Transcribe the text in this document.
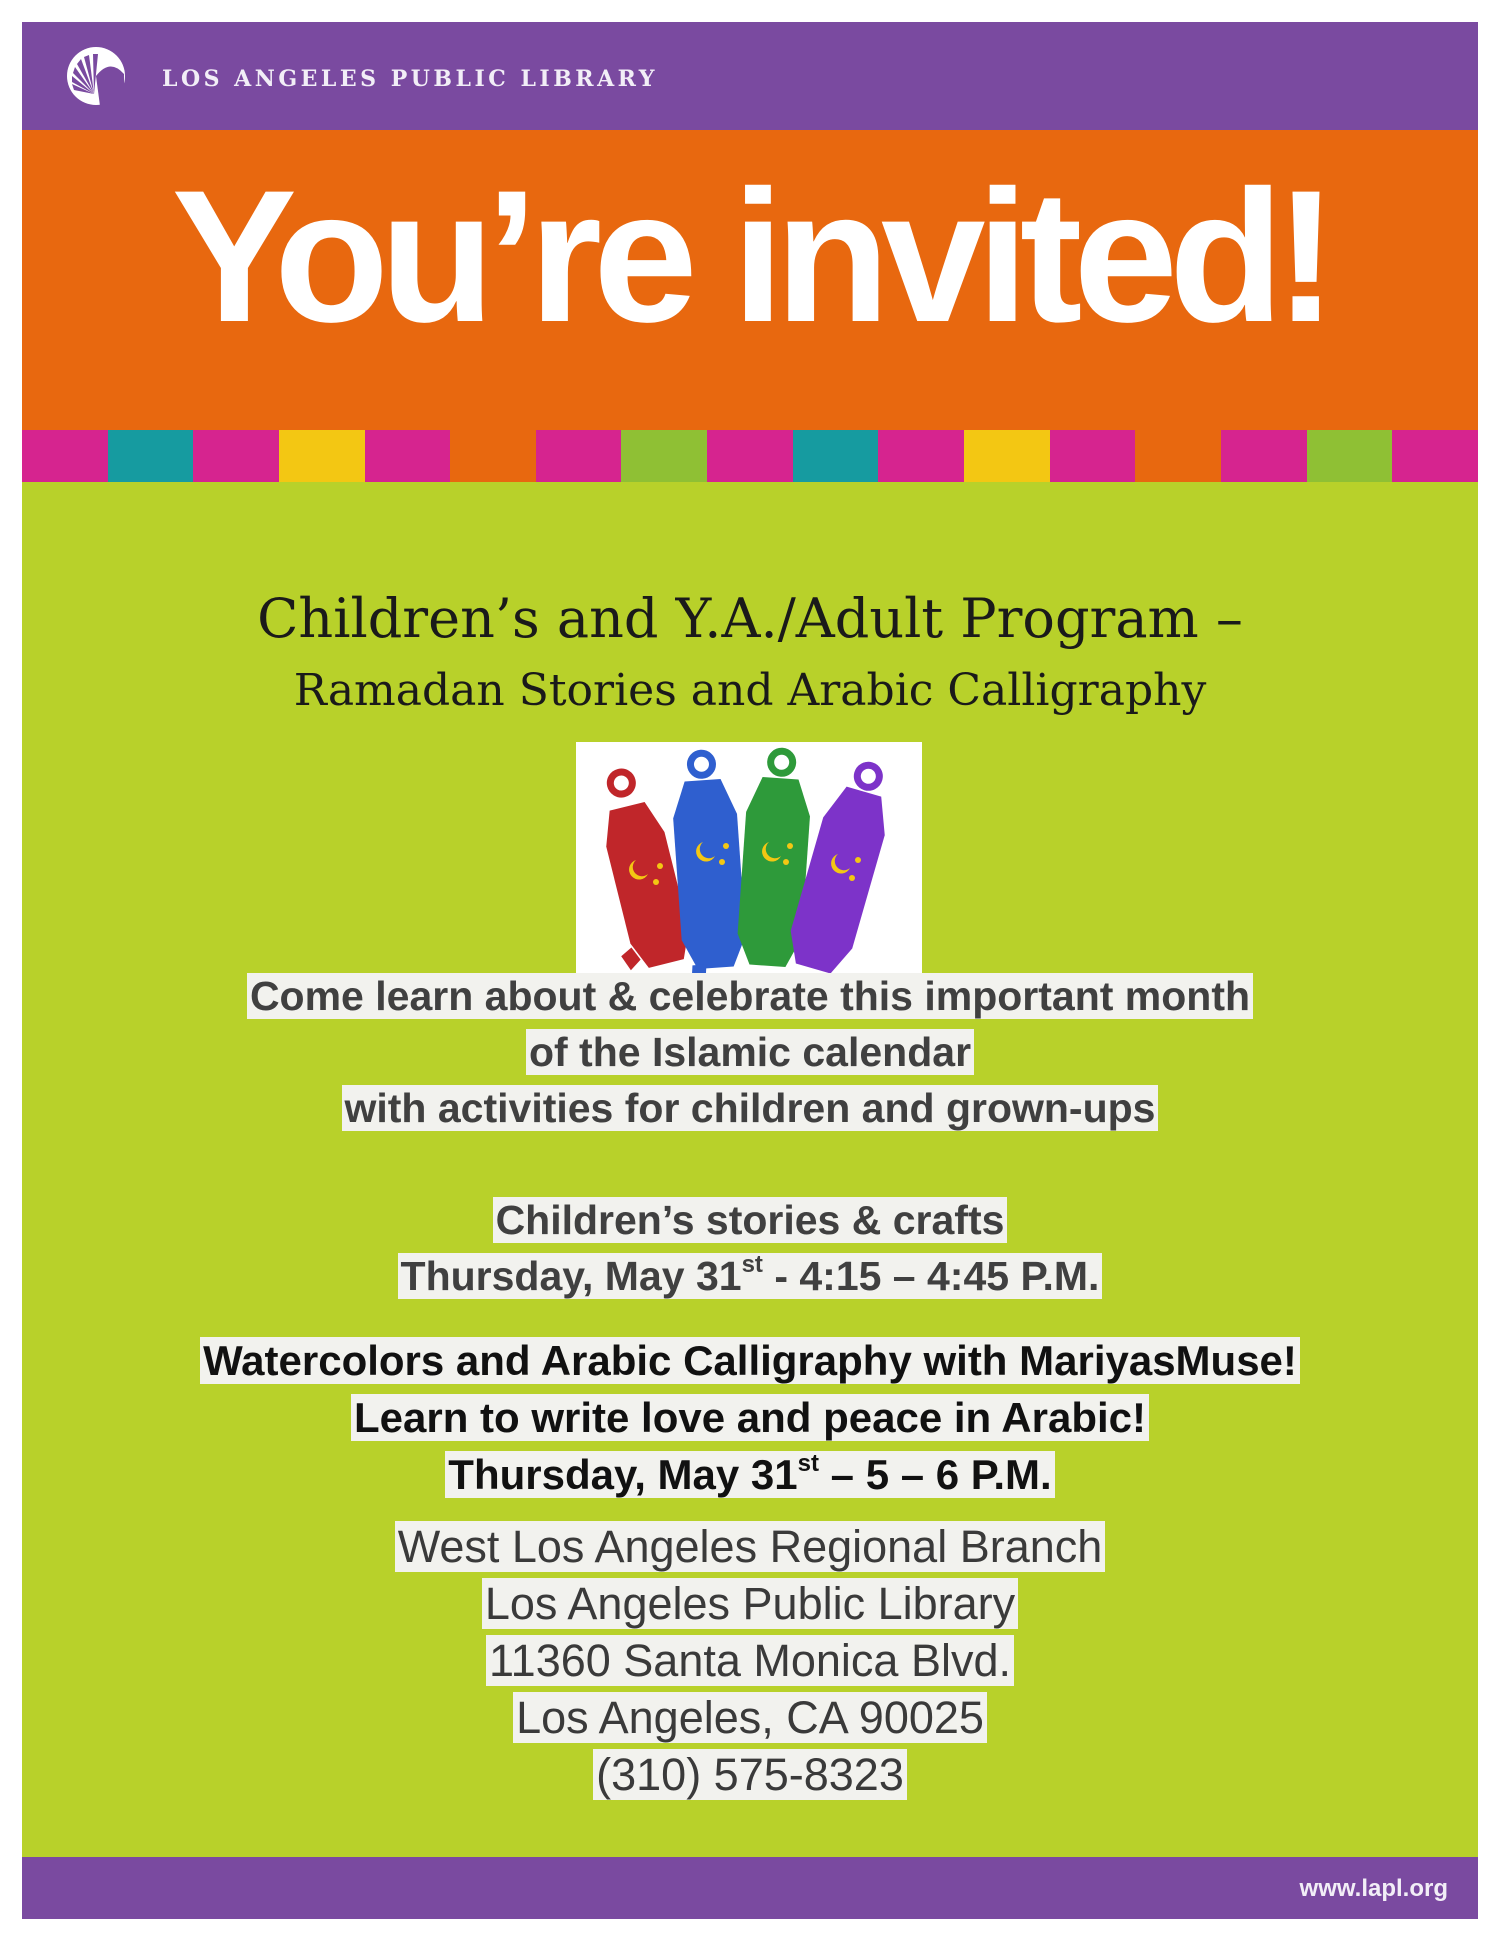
LOS ANGELES PUBLIC LIBRARY
You’re invited!
Children’s and Y.A./Adult Program –
Ramadan Stories and Arabic Calligraphy
Come learn about & celebrate this important month
of the Islamic calendar
with activities for children and grown-ups
Children’s stories & crafts
Thursday, May 31st - 4:15 – 4:45 P.M.
Watercolors and Arabic Calligraphy with MariyasMuse!
Learn to write love and peace in Arabic!
Thursday, May 31st – 5 – 6 P.M.
West Los Angeles Regional Branch
Los Angeles Public Library
11360 Santa Monica Blvd.
Los Angeles, CA 90025
(310) 575-8323
www.lapl.org
